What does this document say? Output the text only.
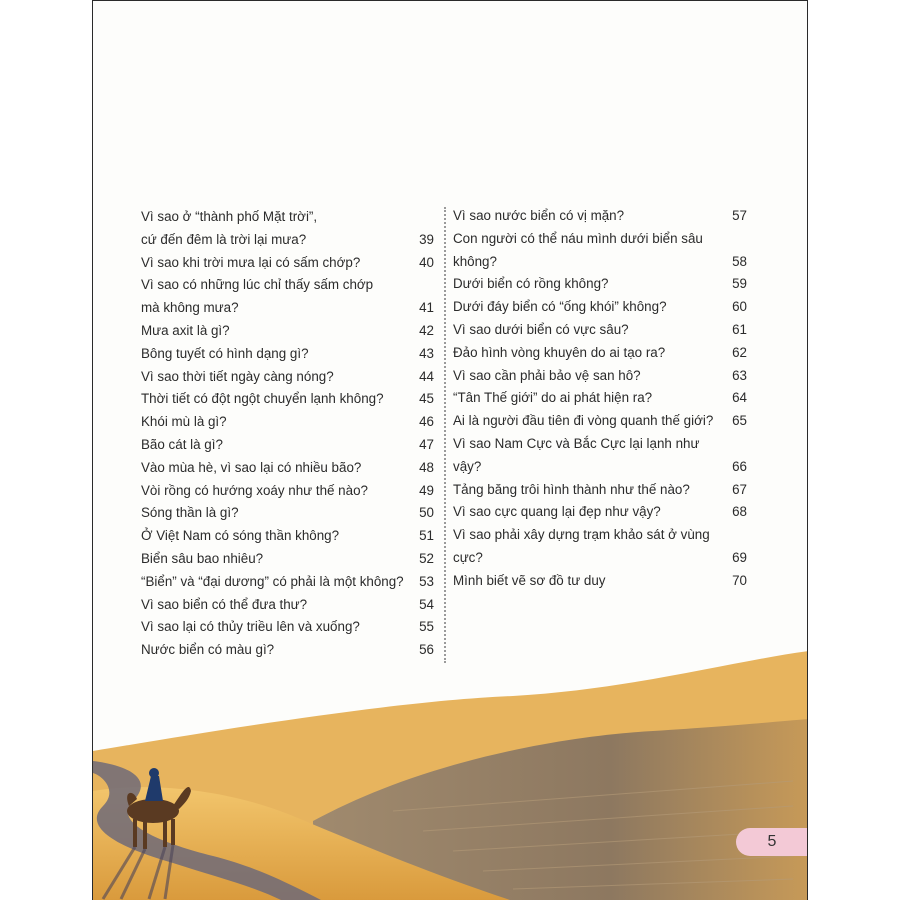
Vì sao ở “thành phố Mặt trời”,
cứ đến đêm là trời lại mưa?	39
Vì sao khi trời mưa lại có sấm chớp?	40
Vì sao có những lúc chỉ thấy sấm chớp
mà không mưa?	41
Mưa axit là gì?	42
Bông tuyết có hình dạng gì?	43
Vì sao thời tiết ngày càng nóng?	44
Thời tiết có đột ngột chuyển lạnh không?	45
Khói mù là gì?	46
Bão cát là gì?	47
Vào mùa hè, vì sao lại có nhiều bão?	48
Vòi rồng có hướng xoáy như thế nào?	49
Sóng thần là gì?	50
Ở Việt Nam có sóng thần không?	51
Biển sâu bao nhiêu?	52
“Biển” và “đại dương” có phải là một không?	53
Vì sao biển có thể đưa thư?	54
Vì sao lại có thủy triều lên và xuống?	55
Nước biển có màu gì?	56
Vì sao nước biển có vị mặn?	57
Con người có thể náu mình dưới biển sâu không?	58
Dưới biển có rồng không?	59
Dưới đáy biển có “ống khói” không?	60
Vì sao dưới biển có vực sâu?	61
Đảo hình vòng khuyên do ai tạo ra?	62
Vì sao cần phải bảo vệ san hô?	63
“Tân Thế giới” do ai phát hiện ra?	64
Ai là người đầu tiên đi vòng quanh thế giới?	65
Vì sao Nam Cực và Bắc Cực lại lạnh như vậy?	66
Tảng băng trôi hình thành như thế nào?	67
Vì sao cực quang lại đẹp như vậy?	68
Vì sao phải xây dựng trạm khảo sát ở vùng cực?	69
Mình biết vẽ sơ đồ tư duy	70
5
